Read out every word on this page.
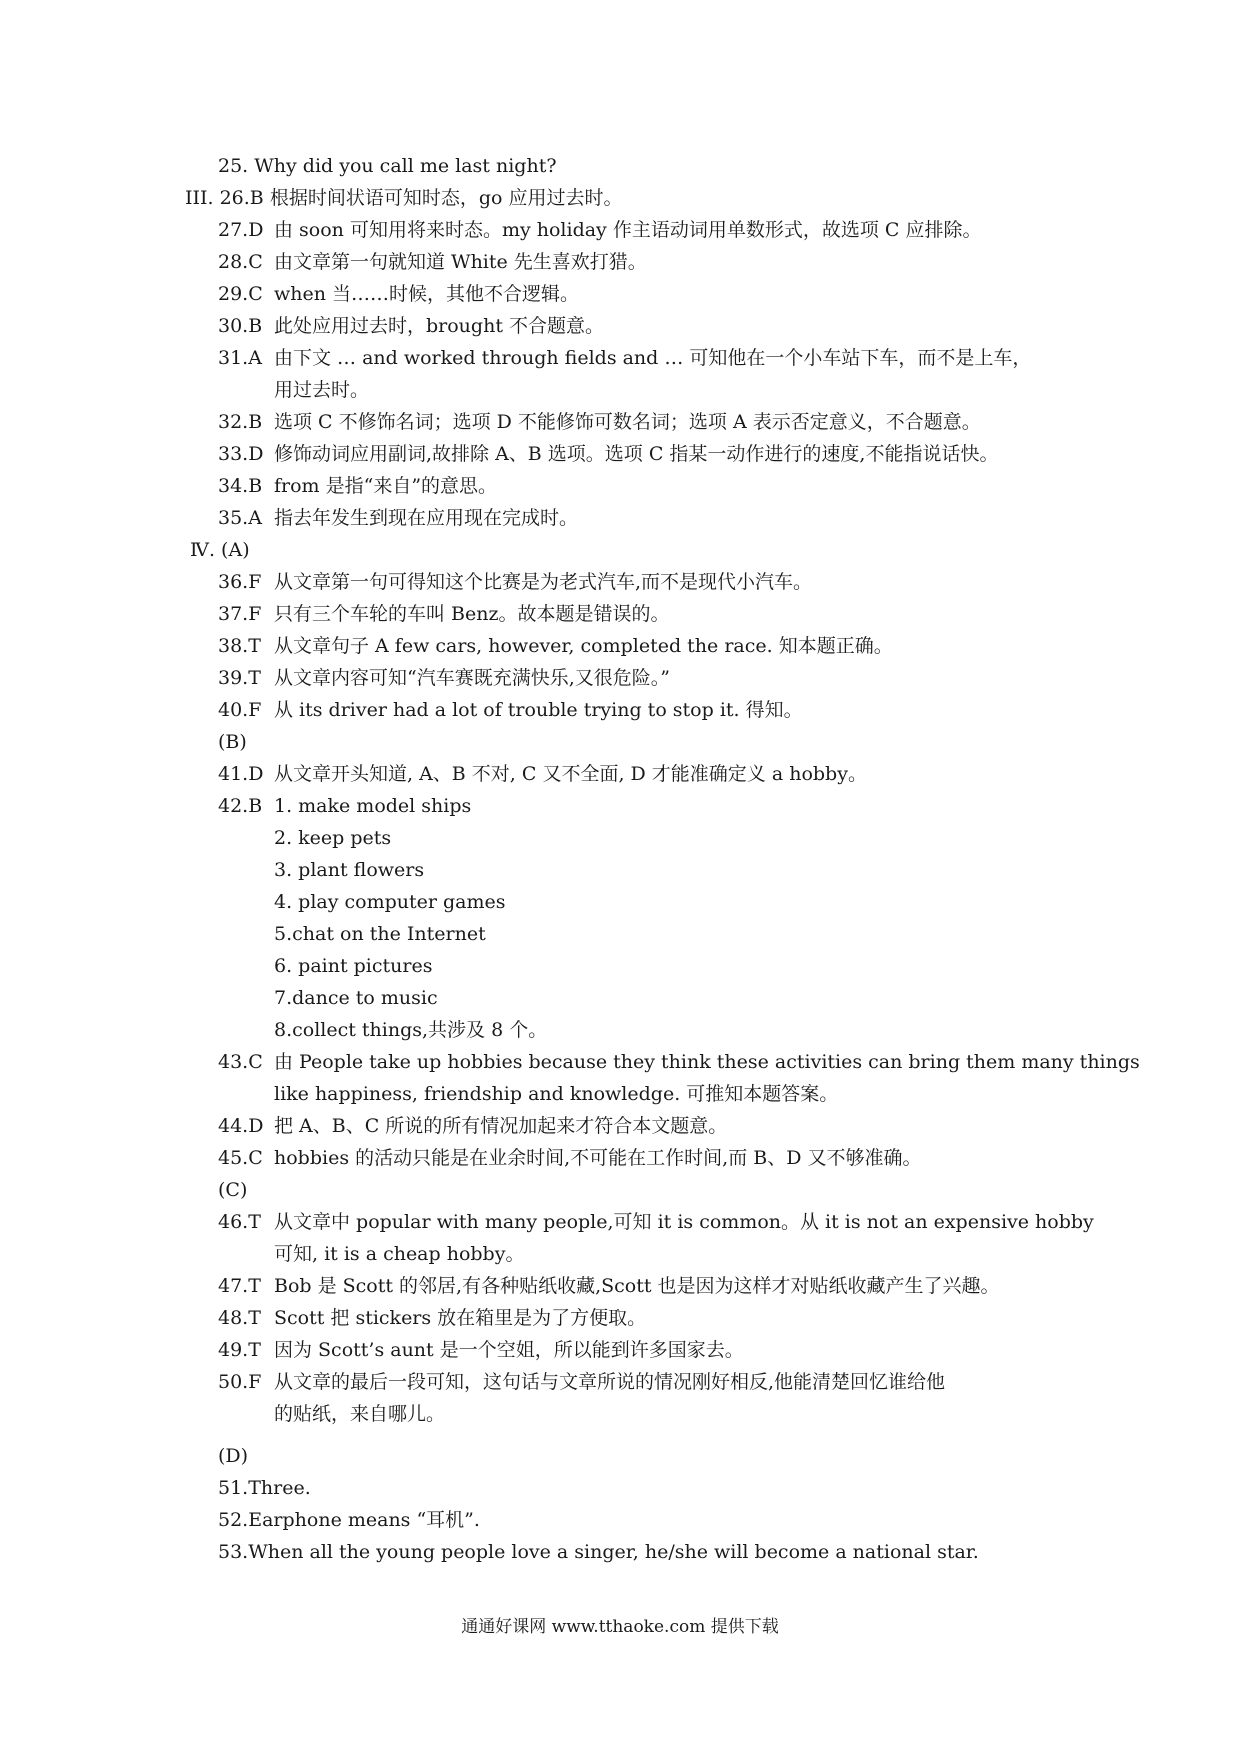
25. Why did you call me last night?
III. 26.B 根据时间状语可知时态，go 应用过去时。
27.D 由 soon 可知用将来时态。my holiday 作主语动词用单数形式，故选项 C 应排除。
28.C 由文章第一句就知道 White 先生喜欢打猎。
29.C when 当……时候，其他不合逻辑。
30.B 此处应用过去时，brought 不合题意。
31.A 由下文 … and worked through fields and … 可知他在一个小车站下车，而不是上车，
用过去时。
32.B 选项 C 不修饰名词；选项 D 不能修饰可数名词；选项 A 表示否定意义，不合题意。
33.D 修饰动词应用副词,故排除 A、B 选项。选项 C 指某一动作进行的速度,不能指说话快。
34.B from 是指“来自”的意思。
35.A 指去年发生到现在应用现在完成时。
Ⅳ. (A)
36.F 从文章第一句可得知这个比赛是为老式汽车,而不是现代小汽车。
37.F 只有三个车轮的车叫 Benz。故本题是错误的。
38.T 从文章句子 A few cars, however, completed the race. 知本题正确。
39.T 从文章内容可知“汽车赛既充满快乐,又很危险。”
40.F 从 its driver had a lot of trouble trying to stop it. 得知。
(B)
41.D 从文章开头知道, A、B 不对, C 又不全面, D 才能准确定义 a hobby。
42.B 1. make model ships
2. keep pets
3. plant flowers
4. play computer games
5.chat on the Internet
6. paint pictures
7.dance to music
8.collect things,共涉及 8 个。
43.C 由 People take up hobbies because they think these activities can bring them many things
like happiness, friendship and knowledge. 可推知本题答案。
44.D 把 A、B、C 所说的所有情况加起来才符合本文题意。
45.C hobbies 的活动只能是在业余时间,不可能在工作时间,而 B、D 又不够准确。
(C)
46.T 从文章中 popular with many people,可知 it is common。从 it is not an expensive hobby
可知, it is a cheap hobby。
47.T Bob 是 Scott 的邻居,有各种贴纸收藏,Scott 也是因为这样才对贴纸收藏产生了兴趣。
48.T Scott 把 stickers 放在箱里是为了方便取。
49.T 因为 Scott’s aunt 是一个空姐，所以能到许多国家去。
50.F 从文章的最后一段可知，这句话与文章所说的情况刚好相反,他能清楚回忆谁给他
的贴纸，来自哪儿。
(D)
51.Three.
52.Earphone means “耳机”.
53.When all the young people love a singer, he/she will become a national star.
通通好课网 www.tthaoke.com 提供下载
